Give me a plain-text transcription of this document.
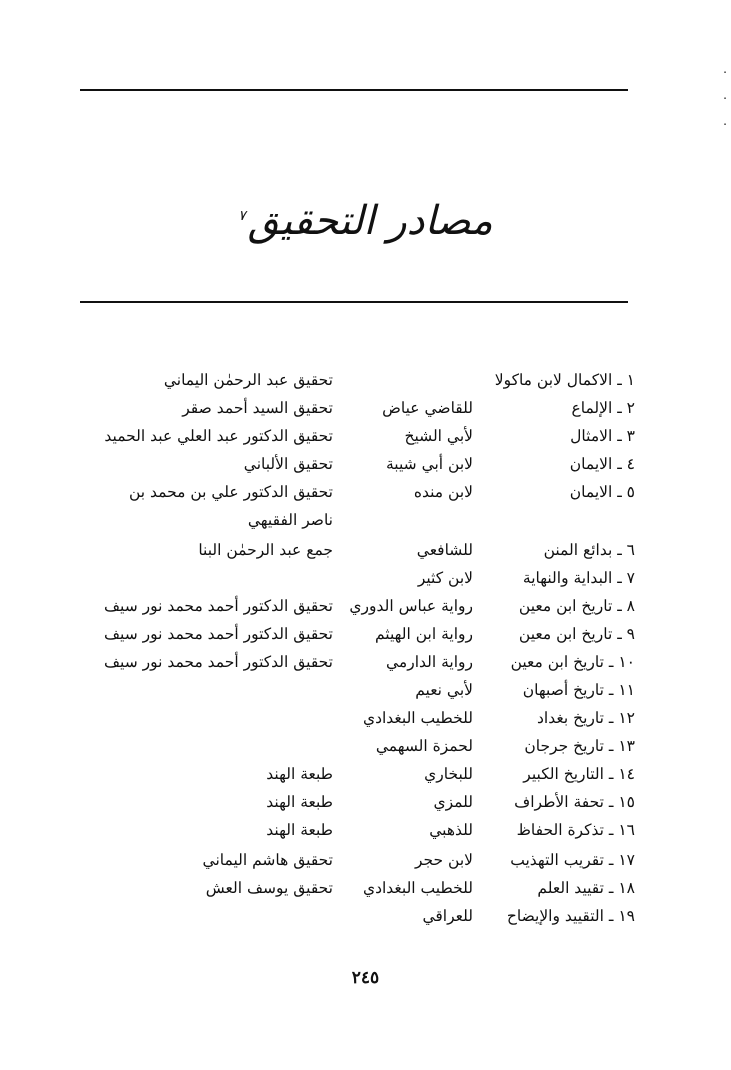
مصادر التحقيق$^٧$
١ ـ الاكمال لابن ماكولا
تحقيق عبد الرحمٰن اليماني
٢ ـ الإلماع
للقاضي عياض
تحقيق السيد أحمد صقر
٣ ـ الامثال
لأبي الشيخ
تحقيق الدكتور عبد العلي عبد الحميد
٤ ـ الايمان
لابن أبي شيبة
تحقيق الألباني
٥ ـ الايمان
لابن منده
تحقيق الدكتور علي بن محمد بن
ناصر الفقيهي
٦ ـ بدائع المنن
للشافعي
جمع عبد الرحمٰن البنا
٧ ـ البداية والنهاية
لابن كثير
٨ ـ تاريخ ابن معين
رواية عباس الدوري
تحقيق الدكتور أحمد محمد نور سيف
٩ ـ تاريخ ابن معين
رواية ابن الهيثم
تحقيق الدكتور أحمد محمد نور سيف
١٠ ـ تاريخ ابن معين
رواية الدارمي
تحقيق الدكتور أحمد محمد نور سيف
١١ ـ تاريخ أصبهان
لأبي نعيم
١٢ ـ تاريخ بغداد
للخطيب البغدادي
١٣ ـ تاريخ جرجان
لحمزة السهمي
١٤ ـ التاريخ الكبير
للبخاري
طبعة الهند
١٥ ـ تحفة الأطراف
للمزي
طبعة الهند
١٦ ـ تذكرة الحفاظ
للذهبي
طبعة الهند
١٧ ـ تقريب التهذيب
لابن حجر
تحقيق هاشم اليماني
١٨ ـ تقييد العلم
للخطيب البغدادي
تحقيق يوسف العش
١٩ ـ التقييد والإيضاح
للعراقي
٢٤٥
.
.
.
